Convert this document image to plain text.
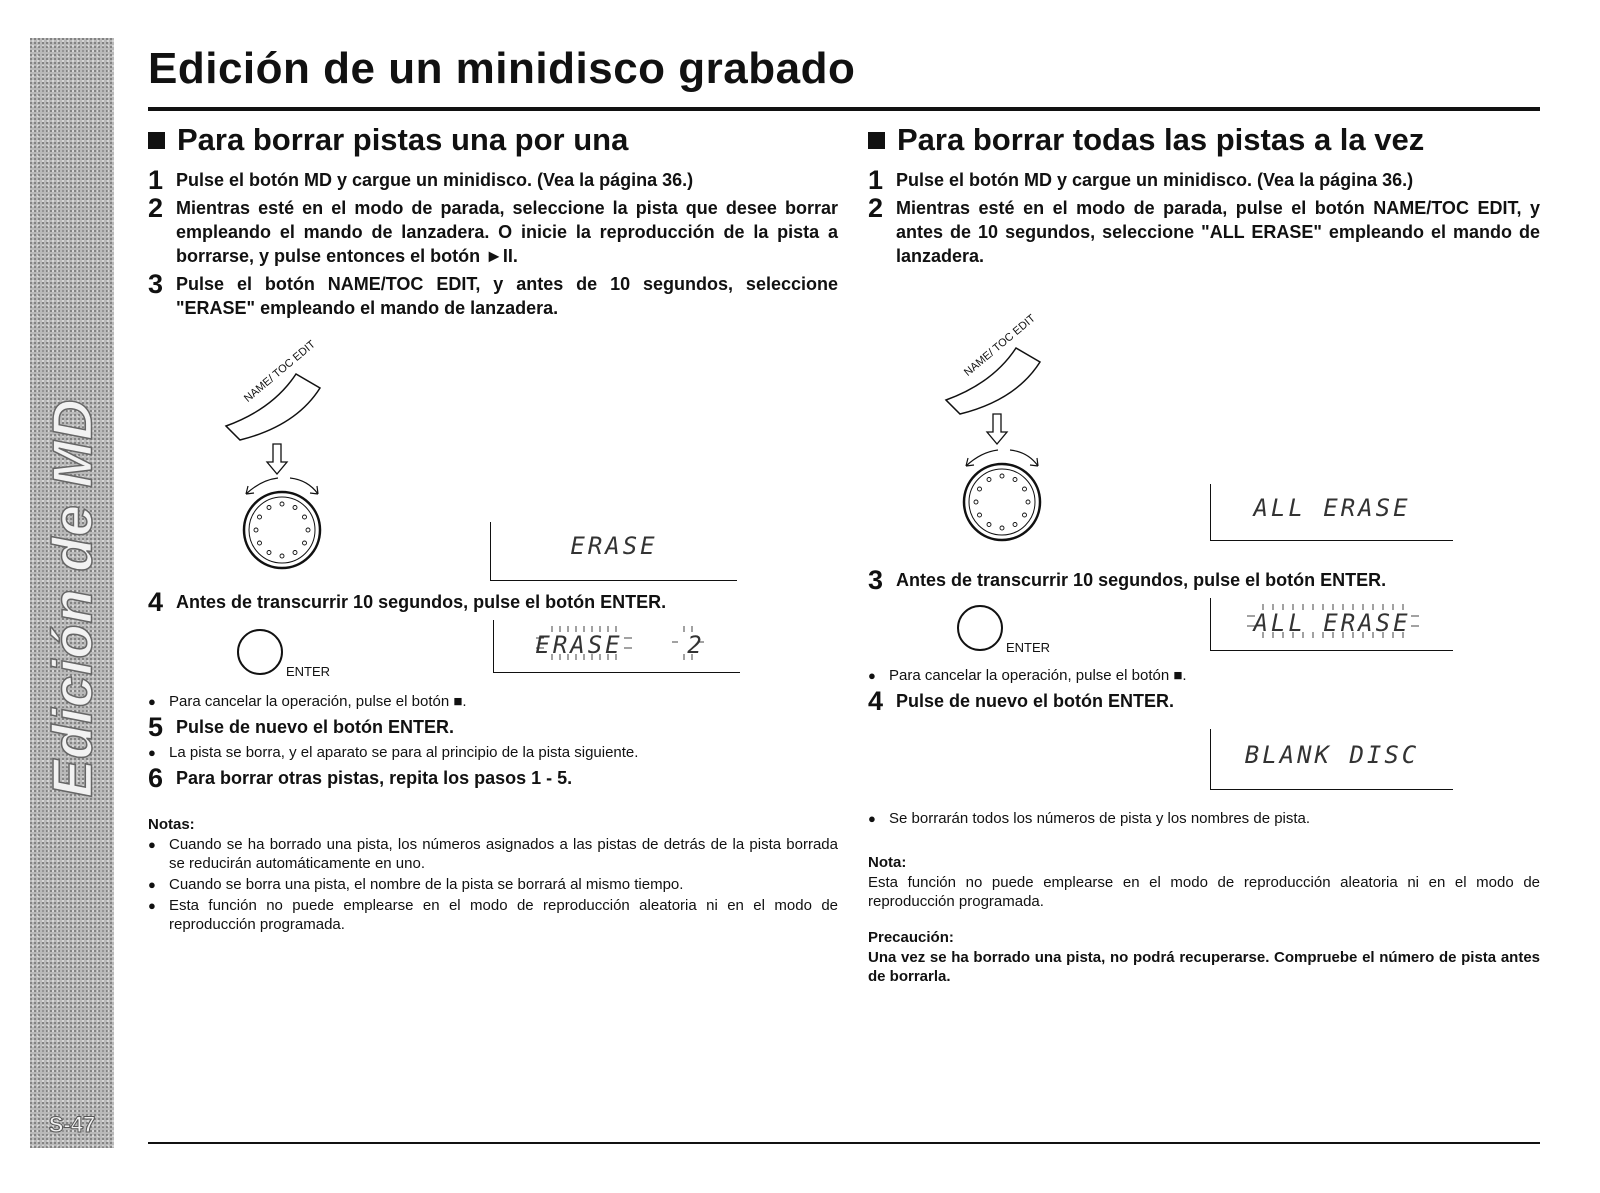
Edición de MD
S-47
Edición de un minidisco grabado
Para borrar pistas una por una
1 Pulse el botón MD y cargue un minidisco. (Vea la página 36.)
2 Mientras esté en el modo de parada, seleccione la pista que desee borrar empleando el mando de lanzadera. O inicie la reproducción de la pista a borrarse, y pulse entonces el botón ►II.
3 Pulse el botón NAME/TOC EDIT, y antes de 10 segundos, seleccione "ERASE" empleando el mando de lanzadera.
NAME/ TOC EDIT
ERASE
4 Antes de transcurrir 10 segundos, pulse el botón ENTER.
ENTER
ERASE	2
● Para cancelar la operación, pulse el botón ■.
5 Pulse de nuevo el botón ENTER.
● La pista se borra, y el aparato se para al principio de la pista siguiente.
6 Para borrar otras pistas, repita los pasos 1 - 5.
Notas:
● Cuando se ha borrado una pista, los números asignados a las pistas de detrás de la pista borrada se reducirán automáticamente en uno.
● Cuando se borra una pista, el nombre de la pista se borrará al mismo tiempo.
● Esta función no puede emplearse en el modo de reproducción aleatoria ni en el modo de reproducción programada.
Para borrar todas las pistas a la vez
1 Pulse el botón MD y cargue un minidisco. (Vea la página 36.)
2 Mientras esté en el modo de parada, pulse el botón NAME/TOC EDIT, y antes de 10 segundos, seleccione "ALL ERASE" empleando el mando de lanzadera.
NAME/ TOC EDIT
ALL ERASE
3 Antes de transcurrir 10 segundos, pulse el botón ENTER.
ENTER
ALL ERASE
● Para cancelar la operación, pulse el botón ■.
4 Pulse de nuevo el botón ENTER.
BLANK DISC
● Se borrarán todos los números de pista y los nombres de pista.
Nota:
Esta función no puede emplearse en el modo de reproducción aleatoria ni en el modo de reproducción programada.
Precaución:
Una vez se ha borrado una pista, no podrá recuperarse. Compruebe el número de pista antes de borrarla.
